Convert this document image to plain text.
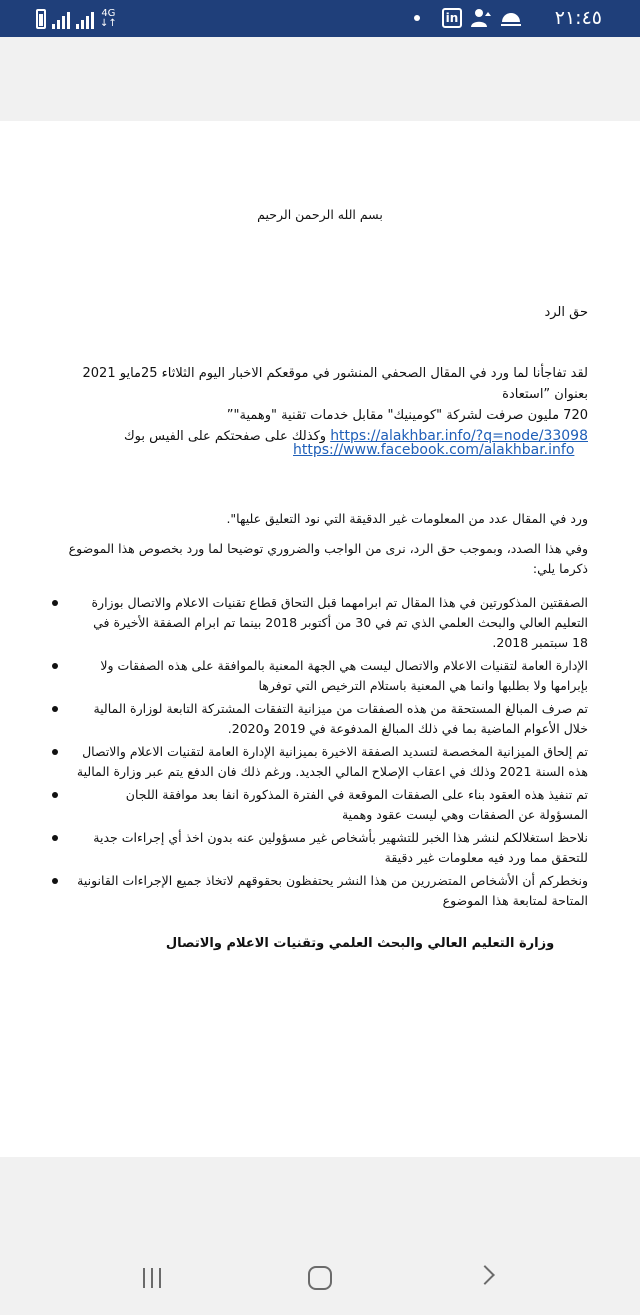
4G
↓↑	in	٢١:٤٥
بسم الله الرحمن الرحيم
حق الرد
لقد تفاجأنا لما ورد في المقال الصحفي المنشور في موقعكم الاخبار اليوم الثلاثاء 25مايو 2021 بعنوان ”استعادة
720 مليون صرفت لشركة "كومينيك" مقابل خدمات تقنية "وهمية"”
https://alakhbar.info/?q=node/33098 وكذلك على صفحتكم على الفيس بوك
https://www.facebook.com/alakhbar.info
ورد في المقال عدد من المعلومات غير الدقيقة التي نود التعليق عليها".
وفي هذا الصدد، وبموجب حق الرد، نرى من الواجب والضروري توضيحا لما ورد بخصوص هذا الموضوع ذكرما يلي:
الصفقتين المذكورتين في هذا المقال تم ابرامهما قبل التحاق قطاع تقنيات الاعلام والاتصال بوزارة التعليم العالي والبحث العلمي الذي تم في 30 من أكتوبر 2018 بينما تم ابرام الصفقة الأخيرة في 18 سبتمبر 2018.
الإدارة العامة لتقنيات الاعلام والاتصال ليست هي الجهة المعنية بالموافقة على هذه الصفقات ولا بإبرامها ولا بطلبها وانما هي المعنية باستلام الترخيص التي توفرها
تم صرف المبالغ المستحقة من هذه الصفقات من ميزانية التفقات المشتركة التابعة لوزارة المالية خلال الأعوام الماضية بما في ذلك المبالغ المدفوعة في 2019 و2020.
تم إلحاق الميزانية المخصصة لتسديد الصفقة الاخيرة بميزانية الإدارة العامة لتقنيات الاعلام والاتصال هذه السنة 2021 وذلك في اعقاب الإصلاح المالي الجديد. ورغم ذلك فان الدفع يتم عبر وزارة المالية
تم تنفيذ هذه العقود بناء على الصفقات الموقعة في الفترة المذكورة انفا بعد موافقة اللجان المسؤولة عن الصفقات وهي ليست عقود وهمية
نلاحظ استغلالكم لنشر هذا الخبر للتشهير بأشخاص غير مسؤولين عنه بدون اخذ أي إجراءات جدية للتحقق مما ورد فيه معلومات غير دقيقة
ونخطركم أن الأشخاص المتضررين من هذا النشر يحتفظون بحقوقهم لاتخاذ جميع الإجراءات القانونية المتاحة لمتابعة هذا الموضوع
وزارة التعليم العالي والبحث العلمي وتقنيات الاعلام والاتصال
